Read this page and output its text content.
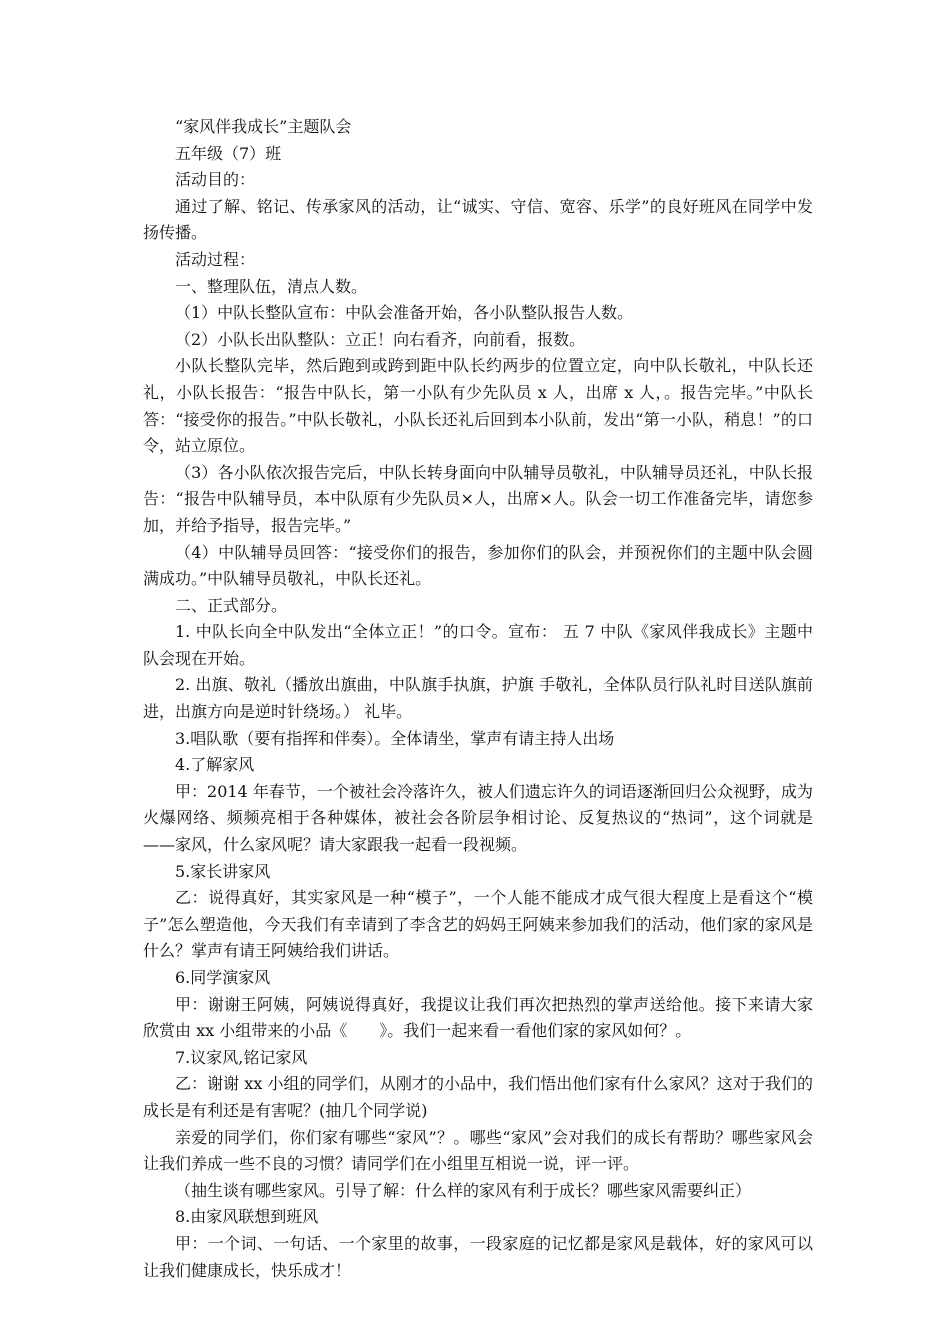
“家风伴我成长”主题队会

五年级（7）班

活动目的：

通过了解、铭记、传承家风的活动，让“诚实、守信、宽容、乐学”的良好班风在同学中发扬传播。

活动过程：

一、整理队伍，清点人数。

（1）中队长整队宣布：中队会准备开始，各小队整队报告人数。

（2）小队长出队整队：立正！向右看齐，向前看，报数。

小队长整队完毕，然后跑到或跨到距中队长约两步的位置立定，向中队长敬礼，中队长还礼，小队长报告：“报告中队长，第一小队有少先队员 x 人，出席 x 人，。报告完毕。”中队长答：“接受你的报告。”中队长敬礼，小队长还礼后回到本小队前，发出“第一小队，稍息！”的口令，站立原位。

（3）各小队依次报告完后，中队长转身面向中队辅导员敬礼，中队辅导员还礼，中队长报告：“报告中队辅导员，本中队原有少先队员×人，出席×人。队会一切工作准备完毕，请您参加，并给予指导，报告完毕。”

（4）中队辅导员回答：“接受你们的报告，参加你们的队会，并预祝你们的主题中队会圆满成功。”中队辅导员敬礼，中队长还礼。

二、正式部分。

1. 中队长向全中队发出“全体立正！”的口令。宣布： 五 7 中队《家风伴我成长》主题中队会现在开始。

2. 出旗、敬礼（播放出旗曲，中队旗手执旗，护旗 手敬礼，全体队员行队礼时目送队旗前进，出旗方向是逆时针绕场。） 礼毕。

3.唱队歌（要有指挥和伴奏）。全体请坐，掌声有请主持人出场

4.了解家风

甲：2014 年春节，一个被社会冷落许久，被人们遗忘许久的词语逐渐回归公众视野，成为火爆网络、频频亮相于各种媒体，被社会各阶层争相讨论、反复热议的“热词”，这个词就是——家风，什么家风呢？请大家跟我一起看一段视频。

5.家长讲家风

乙：说得真好，其实家风是一种“模子”，一个人能不能成才成气很大程度上是看这个“模子”怎么塑造他，今天我们有幸请到了李含艺的妈妈王阿姨来参加我们的活动，他们家的家风是什么？掌声有请王阿姨给我们讲话。

6.同学演家风

甲：谢谢王阿姨，阿姨说得真好，我提议让我们再次把热烈的掌声送给他。接下来请大家欣赏由 xx 小组带来的小品《　　》。我们一起来看一看他们家的家风如何？。

7.议家风,铭记家风

乙：谢谢 xx 小组的同学们，从刚才的小品中，我们悟出他们家有什么家风？这对于我们的成长是有利还是有害呢？(抽几个同学说)

亲爱的同学们，你们家有哪些“家风”？。哪些“家风”会对我们的成长有帮助？哪些家风会让我们养成一些不良的习惯？请同学们在小组里互相说一说，评一评。

（抽生谈有哪些家风。引导了解：什么样的家风有利于成长？哪些家风需要纠正）

8.由家风联想到班风

甲：一个词、一句话、一个家里的故事，一段家庭的记忆都是家风是载体，好的家风可以让我们健康成长，快乐成才！
